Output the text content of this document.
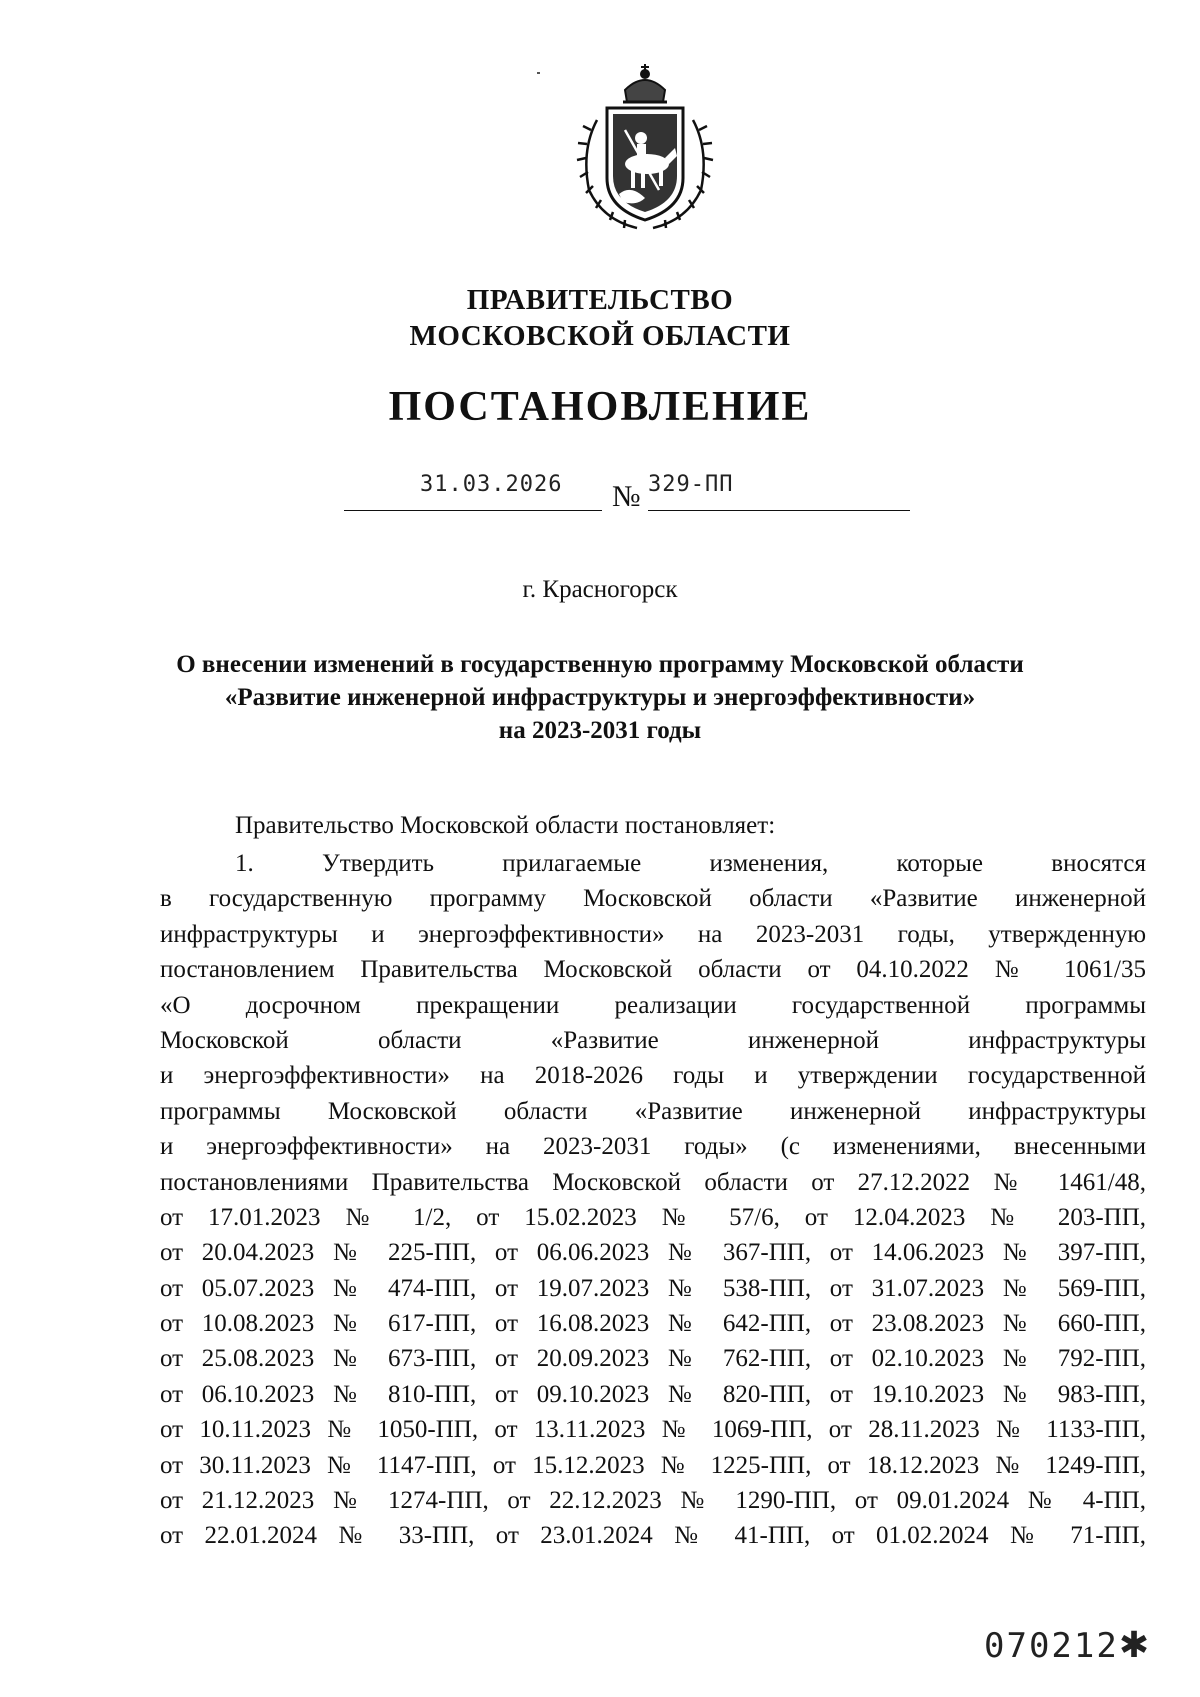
ПРАВИТЕЛЬСТВО
МОСКОВСКОЙ ОБЛАСТИ
ПОСТАНОВЛЕНИЕ
31.03.2026 № 329-ПП
г. Красногорск
О внесении изменений в государственную программу Московской области
«Развитие инженерной инфраструктуры и энергоэффективности»
на 2023-2031 годы
Правительство Московской области постановляет:
1. Утвердить прилагаемые изменения, которые вносятся
в государственную программу Московской области «Развитие инженерной
инфраструктуры и энергоэффективности» на 2023-2031 годы, утвержденную
постановлением Правительства Московской области от 04.10.2022 № 1061/35
«О досрочном прекращении реализации государственной программы
Московской области «Развитие инженерной инфраструктуры
и энергоэффективности» на 2018-2026 годы и утверждении государственной
программы Московской области «Развитие инженерной инфраструктуры
и энергоэффективности» на 2023-2031 годы» (с изменениями, внесенными
постановлениями Правительства Московской области от 27.12.2022 № 1461/48,
от 17.01.2023 № 1/2, от 15.02.2023 № 57/6, от 12.04.2023 № 203-ПП,
от 20.04.2023 № 225-ПП, от 06.06.2023 № 367-ПП, от 14.06.2023 № 397-ПП,
от 05.07.2023 № 474-ПП, от 19.07.2023 № 538-ПП, от 31.07.2023 № 569-ПП,
от 10.08.2023 № 617-ПП, от 16.08.2023 № 642-ПП, от 23.08.2023 № 660-ПП,
от 25.08.2023 № 673-ПП, от 20.09.2023 № 762-ПП, от 02.10.2023 № 792-ПП,
от 06.10.2023 № 810-ПП, от 09.10.2023 № 820-ПП, от 19.10.2023 № 983-ПП,
от 10.11.2023 № 1050-ПП, от 13.11.2023 № 1069-ПП, от 28.11.2023 № 1133-ПП,
от 30.11.2023 № 1147-ПП, от 15.12.2023 № 1225-ПП, от 18.12.2023 № 1249-ПП,
от 21.12.2023 № 1274-ПП, от 22.12.2023 № 1290-ПП, от 09.01.2024 № 4-ПП,
от 22.01.2024 № 33-ПП, от 23.01.2024 № 41-ПП, от 01.02.2024 № 71-ПП,
070212✱
